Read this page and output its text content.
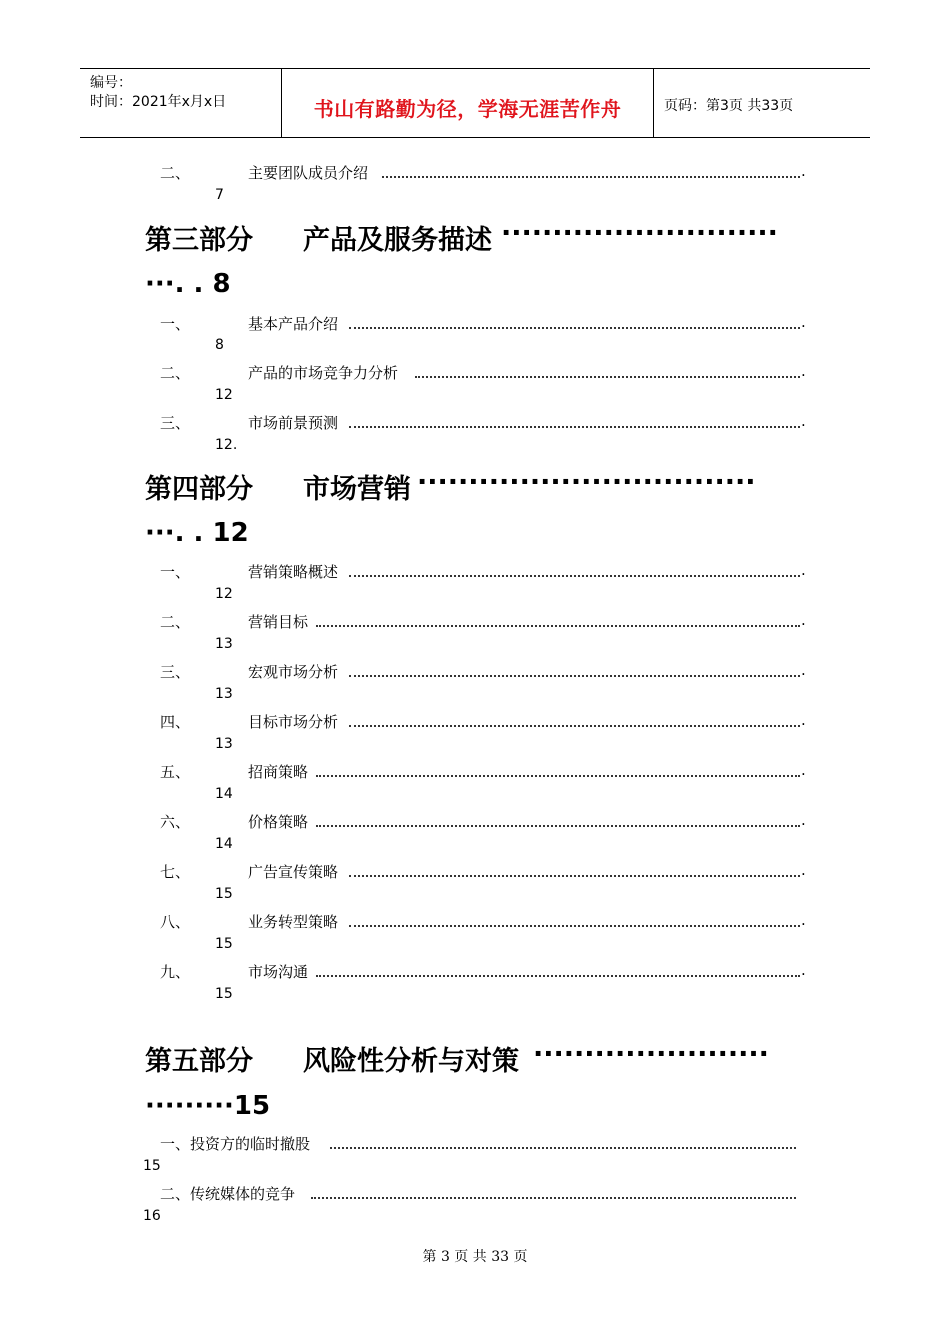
编号：
时间：2021年x月x日	书山有路勤为径，学海无涯苦作舟	页码：第3页 共33页
二、	主要团队成员介绍	.
7
第三部分 产品及服务描述 ···························
···. . 8
一、	基本产品介绍	.
8
二、	产品的市场竞争力分析	.
12
三、	市场前景预测	.
12.
第四部分 市场营销 ·································
···. . 12
一、	营销策略概述	.
12
二、	营销目标	.
13
三、	宏观市场分析	.
13
四、	目标市场分析	.
13
五、	招商策略	.
14
六、	价格策略	.
14
七、	广告宣传策略	.
15
八、	业务转型策略	.
15
九、	市场沟通	.
15
第五部分 风险性分析与对策 ·······················
·········15
一、投资方的临时撤股
15
二、传统媒体的竞争
16
第 3 页 共 33 页
